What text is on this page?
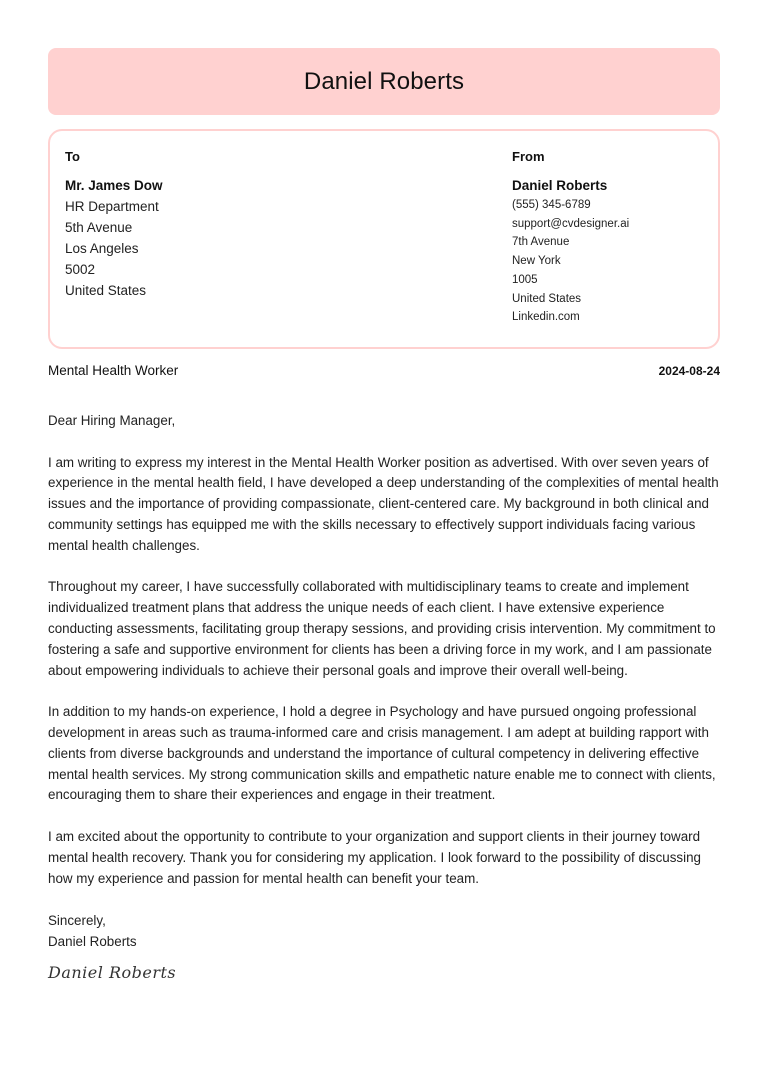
Daniel Roberts
To
Mr. James Dow
HR Department
5th Avenue
Los Angeles
5002
United States
From
Daniel Roberts
(555) 345-6789
support@cvdesigner.ai
7th Avenue
New York
1005
United States
Linkedin.com
Mental Health Worker	2024-08-24

Dear Hiring Manager,

I am writing to express my interest in the Mental Health Worker position as advertised. With over seven years of experience in the mental health field, I have developed a deep understanding of the complexities of mental health issues and the importance of providing compassionate, client-centered care. My background in both clinical and community settings has equipped me with the skills necessary to effectively support individuals facing various mental health challenges.

Throughout my career, I have successfully collaborated with multidisciplinary teams to create and implement individualized treatment plans that address the unique needs of each client. I have extensive experience conducting assessments, facilitating group therapy sessions, and providing crisis intervention. My commitment to fostering a safe and supportive environment for clients has been a driving force in my work, and I am passionate about empowering individuals to achieve their personal goals and improve their overall well-being.

In addition to my hands-on experience, I hold a degree in Psychology and have pursued ongoing professional development in areas such as trauma-informed care and crisis management. I am adept at building rapport with clients from diverse backgrounds and understand the importance of cultural competency in delivering effective mental health services. My strong communication skills and empathetic nature enable me to connect with clients, encouraging them to share their experiences and engage in their treatment.

I am excited about the opportunity to contribute to your organization and support clients in their journey toward mental health recovery. Thank you for considering my application. I look forward to the possibility of discussing how my experience and passion for mental health can benefit your team.

Sincerely,
Daniel Roberts
Daniel Roberts
